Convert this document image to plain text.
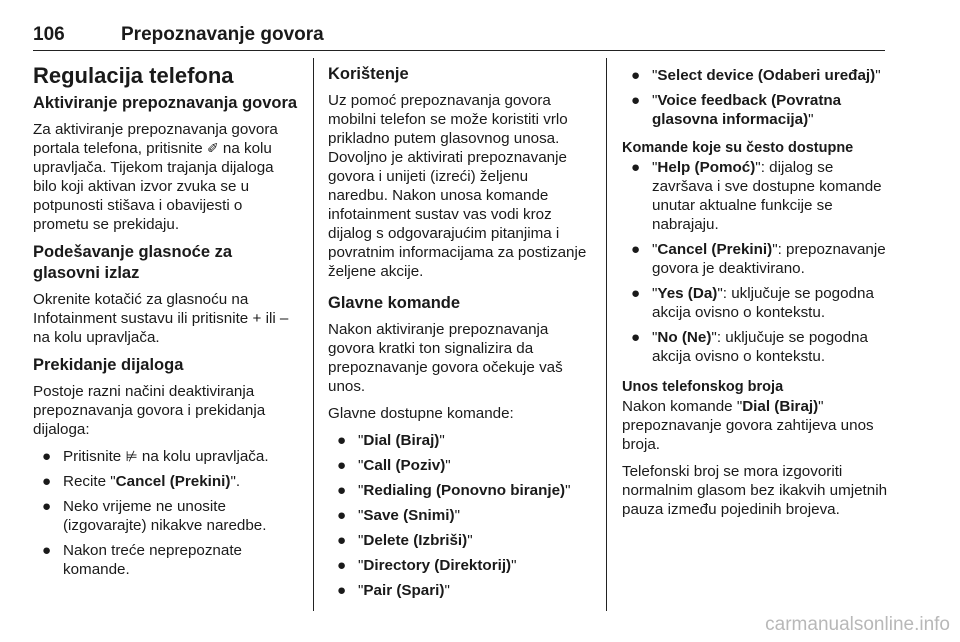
106	Prepoznavanje govora
Regulacija telefona
Aktiviranje prepoznavanja govora

Za aktiviranje prepoznavanja govora portala telefona, pritisnite ✐ na kolu upravljača. Tijekom trajanja dijaloga bilo koji aktivan izvor zvuka se u potpunosti stišava i obavijesti o prometu se prekidaju.

Podešavanje glasnoće za glasovni izlaz

Okrenite kotačić za glasnoću na Infotainment sustavu ili pritisnite + ili – na kolu upravljača.

Prekidanje dijaloga

Postoje razni načini deaktiviranja prepoznavanja govora i prekidanja dijaloga:

● Pritisnite ⊭ na kolu upravljača.
● Recite "Cancel (Prekini)".
● Neko vrijeme ne unosite (izgovarajte) nikakve naredbe.
● Nakon treće neprepoznate komande.
Korištenje

Uz pomoć prepoznavanja govora mobilni telefon se može koristiti vrlo prikladno putem glasovnog unosa. Dovoljno je aktivirati prepoznavanje govora i unijeti (izreći) željenu naredbu. Nakon unosa komande infotainment sustav vas vodi kroz dijalog s odgovarajućim pitanjima i povratnim informacijama za postizanje željene akcije.

Glavne komande

Nakon aktiviranje prepoznavanja govora kratki ton signalizira da prepoznavanje govora očekuje vaš unos.

Glavne dostupne komande:

● "Dial (Biraj)"
● "Call (Poziv)"
● "Redialing (Ponovno biranje)"
● "Save (Snimi)"
● "Delete (Izbriši)"
● "Directory (Direktorij)"
● "Pair (Spari)"
● "Select device (Odaberi uređaj)"
● "Voice feedback (Povratna glasovna informacija)"
Komande koje su često dostupne
● "Help (Pomoć)": dijalog se završava i sve dostupne komande unutar aktualne funkcije se nabrajaju.
● "Cancel (Prekini)": prepoznavanje govora je deaktivirano.
● "Yes (Da)": uključuje se pogodna akcija ovisno o kontekstu.
● "No (Ne)": uključuje se pogodna akcija ovisno o kontekstu.
Unos telefonskog broja

Nakon komande "Dial (Biraj)" prepoznavanje govora zahtijeva unos broja.

Telefonski broj se mora izgovoriti normalnim glasom bez ikakvih umjetnih pauza između pojedinih brojeva.

carmanualsonline.info
